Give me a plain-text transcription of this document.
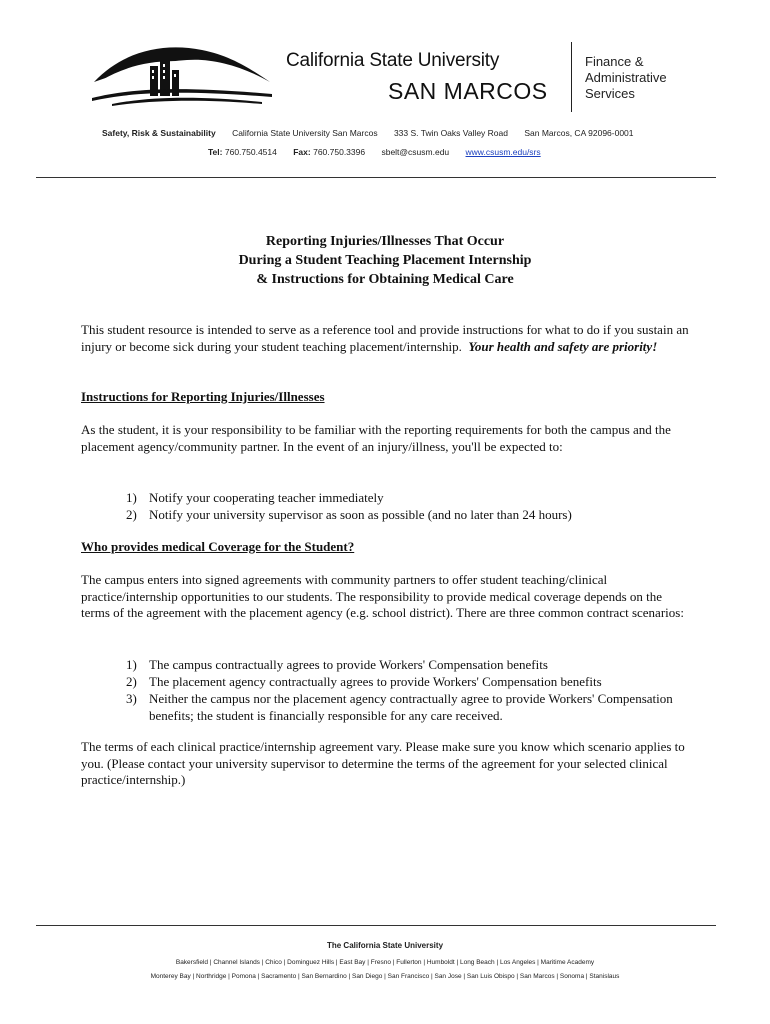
California State University
SAN MARCOS
Finance &
Administrative
Services
Safety, Risk & Sustainability California State University San Marcos 333 S. Twin Oaks Valley Road San Marcos, CA 92096-0001
Tel: 760.750.4514 Fax: 760.750.3396 sbelt@csusm.edu www.csusm.edu/srs
Reporting Injuries/Illnesses That Occur
During a Student Teaching Placement Internship
& Instructions for Obtaining Medical Care
This student resource is intended to serve as a reference tool and provide instructions for what to do if you sustain an injury or become sick during your student teaching placement/internship. Your health and safety are priority!
Instructions for Reporting Injuries/Illnesses
As the student, it is your responsibility to be familiar with the reporting requirements for both the campus and the placement agency/community partner. In the event of an injury/illness, you'll be expected to:
1) Notify your cooperating teacher immediately
2) Notify your university supervisor as soon as possible (and no later than 24 hours)
Who provides medical Coverage for the Student?
The campus enters into signed agreements with community partners to offer student teaching/clinical practice/internship opportunities to our students. The responsibility to provide medical coverage depends on the terms of the agreement with the placement agency (e.g. school district). There are three common contract scenarios:
1) The campus contractually agrees to provide Workers' Compensation benefits
2) The placement agency contractually agrees to provide Workers' Compensation benefits
3) Neither the campus nor the placement agency contractually agree to provide Workers' Compensation benefits; the student is financially responsible for any care received.
The terms of each clinical practice/internship agreement vary. Please make sure you know which scenario applies to you. (Please contact your university supervisor to determine the terms of the agreement for your selected clinical practice/internship.)
The California State University
Bakersfield | Channel Islands | Chico | Dominguez Hills | East Bay | Fresno | Fullerton | Humboldt | Long Beach | Los Angeles | Maritime Academy
Monterey Bay | Northridge | Pomona | Sacramento | San Bernardino | San Diego | San Francisco | San Jose | San Luis Obispo | San Marcos | Sonoma | Stanislaus
